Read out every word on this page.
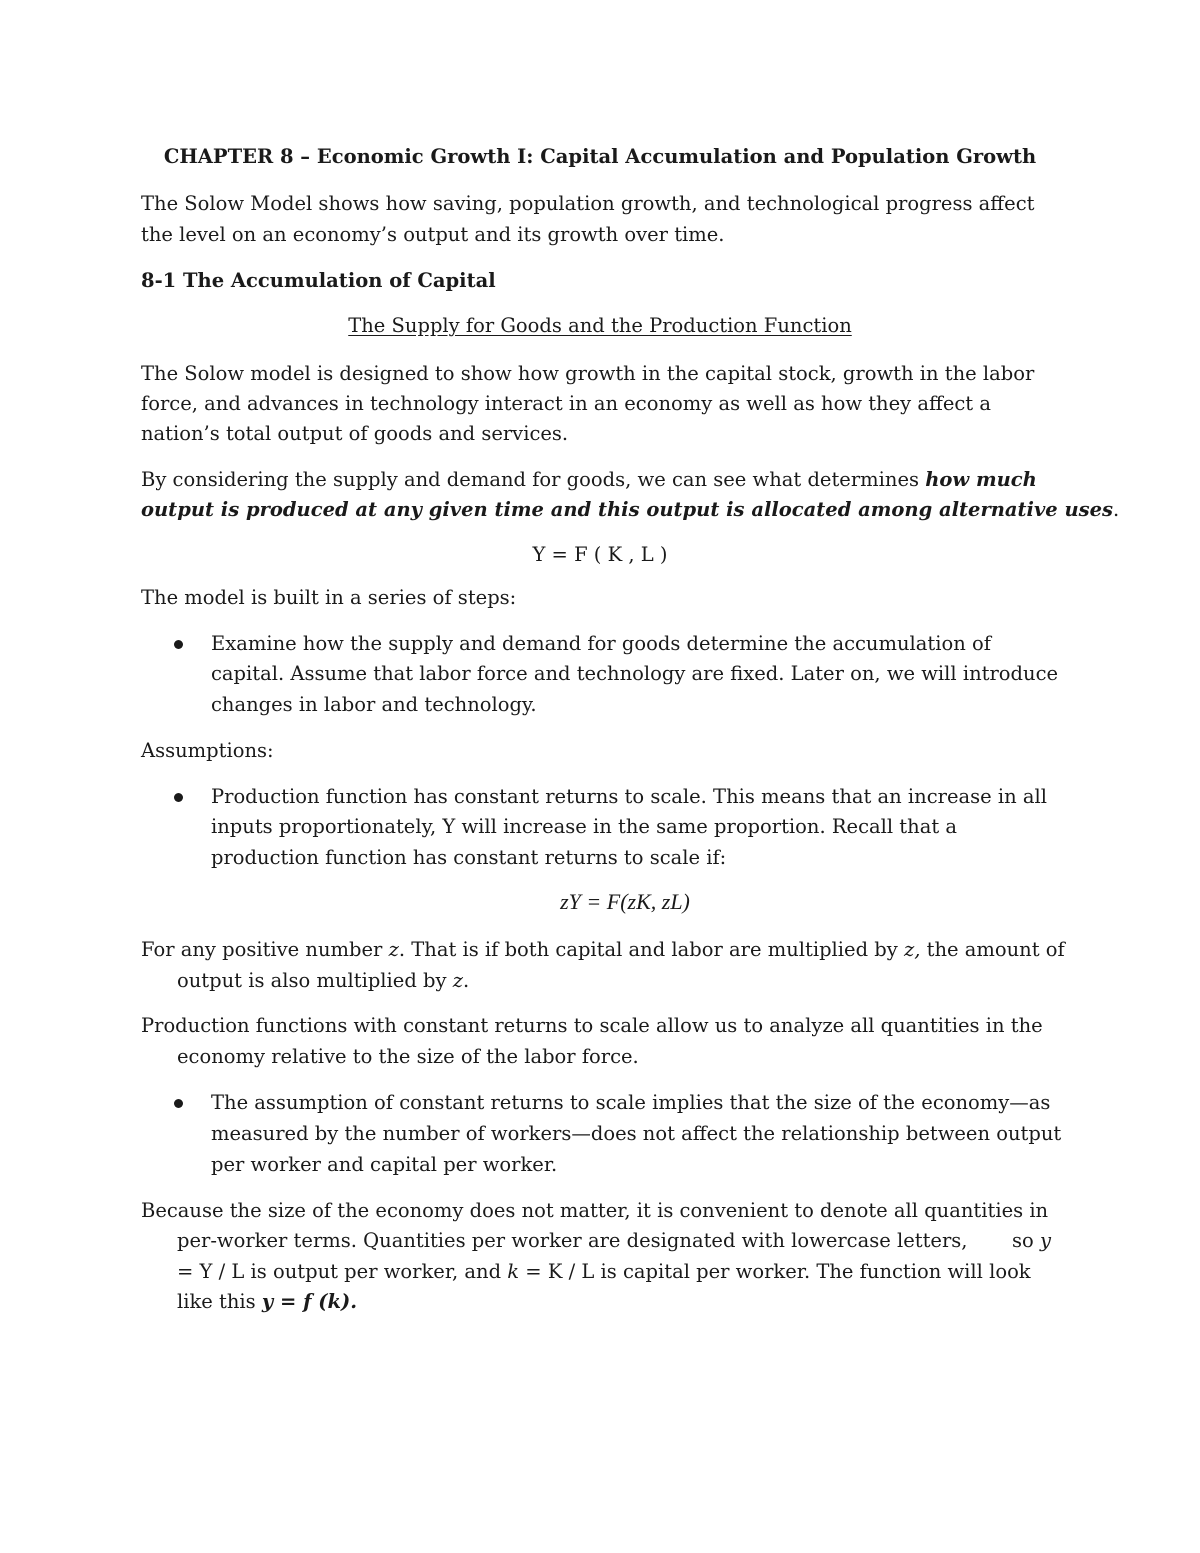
CHAPTER 8 – Economic Growth I: Capital Accumulation and Population Growth
The Solow Model shows how saving, population growth, and technological progress affect
the level on an economy’s output and its growth over time.
8-1 The Accumulation of Capital
The Supply for Goods and the Production Function
The Solow model is designed to show how growth in the capital stock, growth in the labor
force, and advances in technology interact in an economy as well as how they affect a
nation’s total output of goods and services.
By considering the supply and demand for goods, we can see what determines how much
output is produced at any given time and this output is allocated among alternative uses.
Y = F ( K , L )
The model is built in a series of steps:
Examine how the supply and demand for goods determine the accumulation of
capital. Assume that labor force and technology are fixed. Later on, we will introduce
changes in labor and technology.
Assumptions:
Production function has constant returns to scale. This means that an increase in all
inputs proportionately, Y will increase in the same proportion. Recall that a
production function has constant returns to scale if:
zY = F(zK, zL)
For any positive number z. That is if both capital and labor are multiplied by z, the amount of
output is also multiplied by z.
Production functions with constant returns to scale allow us to analyze all quantities in the
economy relative to the size of the labor force.
The assumption of constant returns to scale implies that the size of the economy—as
measured by the number of workers—does not affect the relationship between output
per worker and capital per worker.
Because the size of the economy does not matter, it is convenient to denote all quantities in
per-worker terms. Quantities per worker are designated with lowercase letters, so y
= Y / L is output per worker, and k = K / L is capital per worker. The function will look
like this y = f (k).
